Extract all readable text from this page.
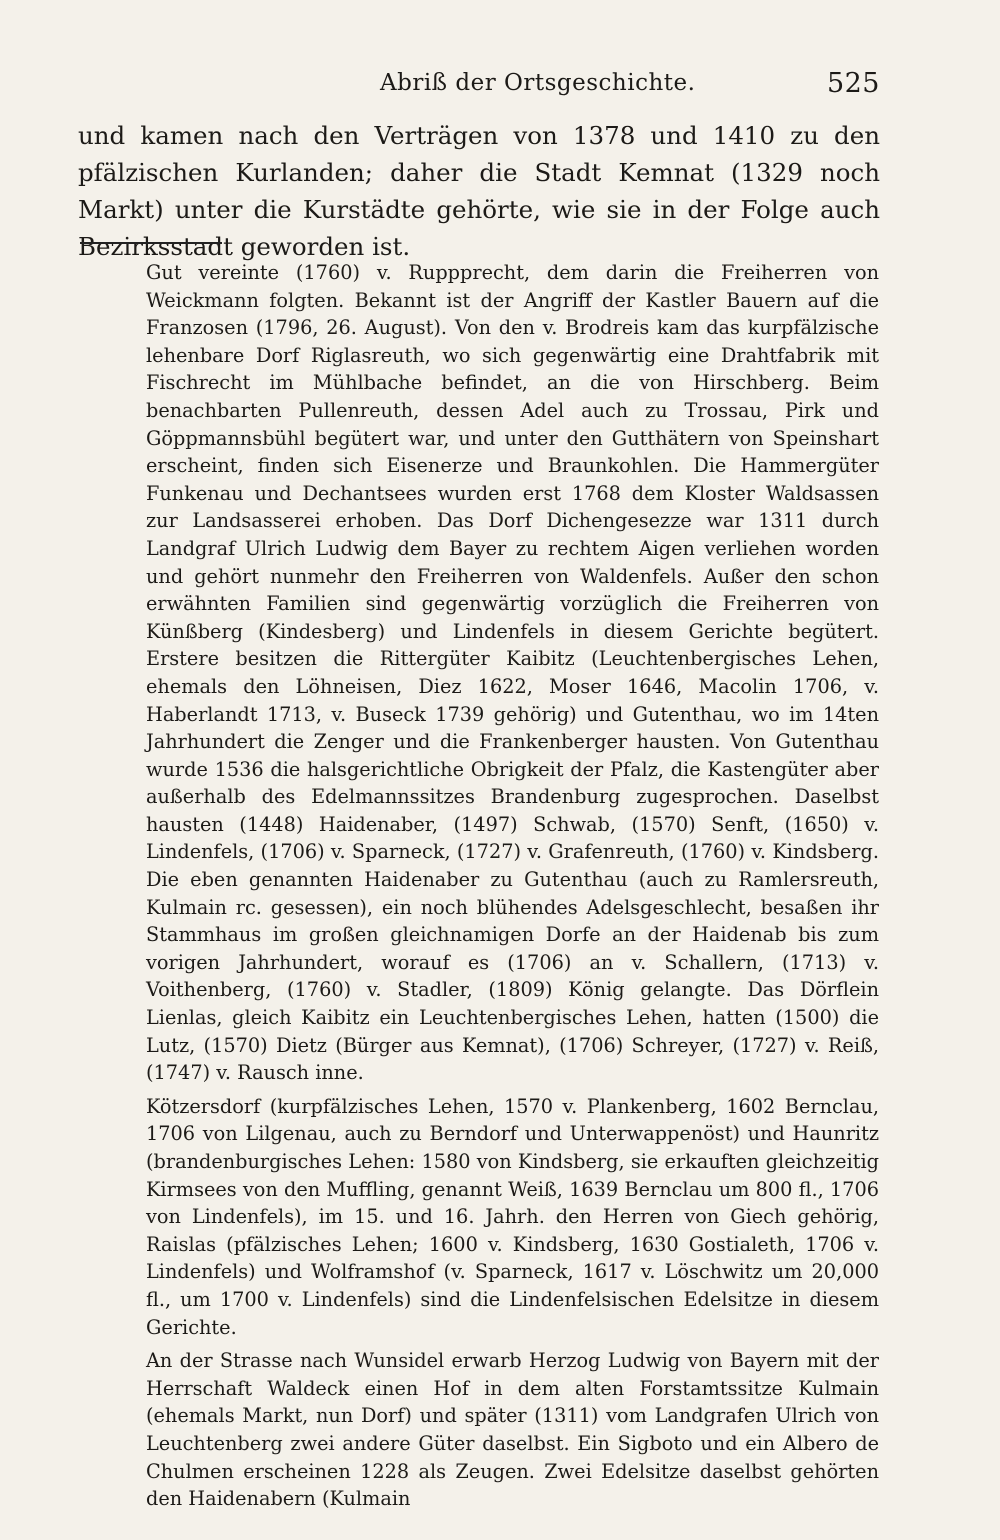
Abriß der Ortsgeschichte.	525

und kamen nach den Verträgen von 1378 und 1410 zu den pfälzischen Kurlanden; daher die Stadt Kemnat (1329 noch Markt) unter die Kurstädte gehörte, wie sie in der Folge auch Bezirksstadt geworden ist.

Gut vereinte (1760) v. Ruppprecht, dem darin die Freiherren von Weickmann folgten. Bekannt ist der Angriff der Kastler Bauern auf die Franzosen (1796, 26. August). Von den v. Brodreis kam das kurpfälzische lehenbare Dorf Riglasreuth, wo sich gegenwärtig eine Drahtfabrik mit Fischrecht im Mühlbache befindet, an die von Hirschberg. Beim benachbarten Pullenreuth, dessen Adel auch zu Trossau, Pirk und Göppmannsbühl begütert war, und unter den Gutthätern von Speinshart erscheint, finden sich Eisenerze und Braunkohlen. Die Hammergüter Funkenau und Dechantsees wurden erst 1768 dem Kloster Waldsassen zur Landsasserei erhoben. Das Dorf Dichengesezze war 1311 durch Landgraf Ulrich Ludwig dem Bayer zu rechtem Aigen verliehen worden und gehört nunmehr den Freiherren von Waldenfels. Außer den schon erwähnten Familien sind gegenwärtig vorzüglich die Freiherren von Künßberg (Kindesberg) und Lindenfels in diesem Gerichte begütert. Erstere besitzen die Rittergüter Kaibitz (Leuchtenbergisches Lehen, ehemals den Löhneisen, Diez 1622, Moser 1646, Macolin 1706, v. Haberlandt 1713, v. Buseck 1739 gehörig) und Gutenthau, wo im 14ten Jahrhundert die Zenger und die Frankenberger hausten. Von Gutenthau wurde 1536 die halsgerichtliche Obrigkeit der Pfalz, die Kastengüter aber außerhalb des Edelmannssitzes Brandenburg zugesprochen. Daselbst hausten (1448) Haidenaber, (1497) Schwab, (1570) Senft, (1650) v. Lindenfels, (1706) v. Sparneck, (1727) v. Grafenreuth, (1760) v. Kindsberg. Die eben genannten Haidenaber zu Gutenthau (auch zu Ramlersreuth, Kulmain rc. gesessen), ein noch blühendes Adelsgeschlecht, besaßen ihr Stammhaus im großen gleichnamigen Dorfe an der Haidenab bis zum vorigen Jahrhundert, worauf es (1706) an v. Schallern, (1713) v. Voithenberg, (1760) v. Stadler, (1809) König gelangte. Das Dörflein Lienlas, gleich Kaibitz ein Leuchtenbergisches Lehen, hatten (1500) die Lutz, (1570) Dietz (Bürger aus Kemnat), (1706) Schreyer, (1727) v. Reiß, (1747) v. Rausch inne.

Kötzersdorf (kurpfälzisches Lehen, 1570 v. Plankenberg, 1602 Bernclau, 1706 von Lilgenau, auch zu Berndorf und Unterwappenöst) und Haunritz (brandenburgisches Lehen: 1580 von Kindsberg, sie erkauften gleichzeitig Kirmsees von den Muffling, genannt Weiß, 1639 Bernclau um 800 fl., 1706 von Lindenfels), im 15. und 16. Jahrh. den Herren von Giech gehörig, Raislas (pfälzisches Lehen; 1600 v. Kindsberg, 1630 Gostialeth, 1706 v. Lindenfels) und Wolframshof (v. Sparneck, 1617 v. Löschwitz um 20,000 fl., um 1700 v. Lindenfels) sind die Lindenfelsischen Edelsitze in diesem Gerichte.

An der Strasse nach Wunsidel erwarb Herzog Ludwig von Bayern mit der Herrschaft Waldeck einen Hof in dem alten Forstamtssitze Kulmain (ehemals Markt, nun Dorf) und später (1311) vom Landgrafen Ulrich von Leuchtenberg zwei andere Güter daselbst. Ein Sigboto und ein Albero de Chulmen erscheinen 1228 als Zeugen. Zwei Edelsitze daselbst gehörten den Haidenabern (Kulmain
